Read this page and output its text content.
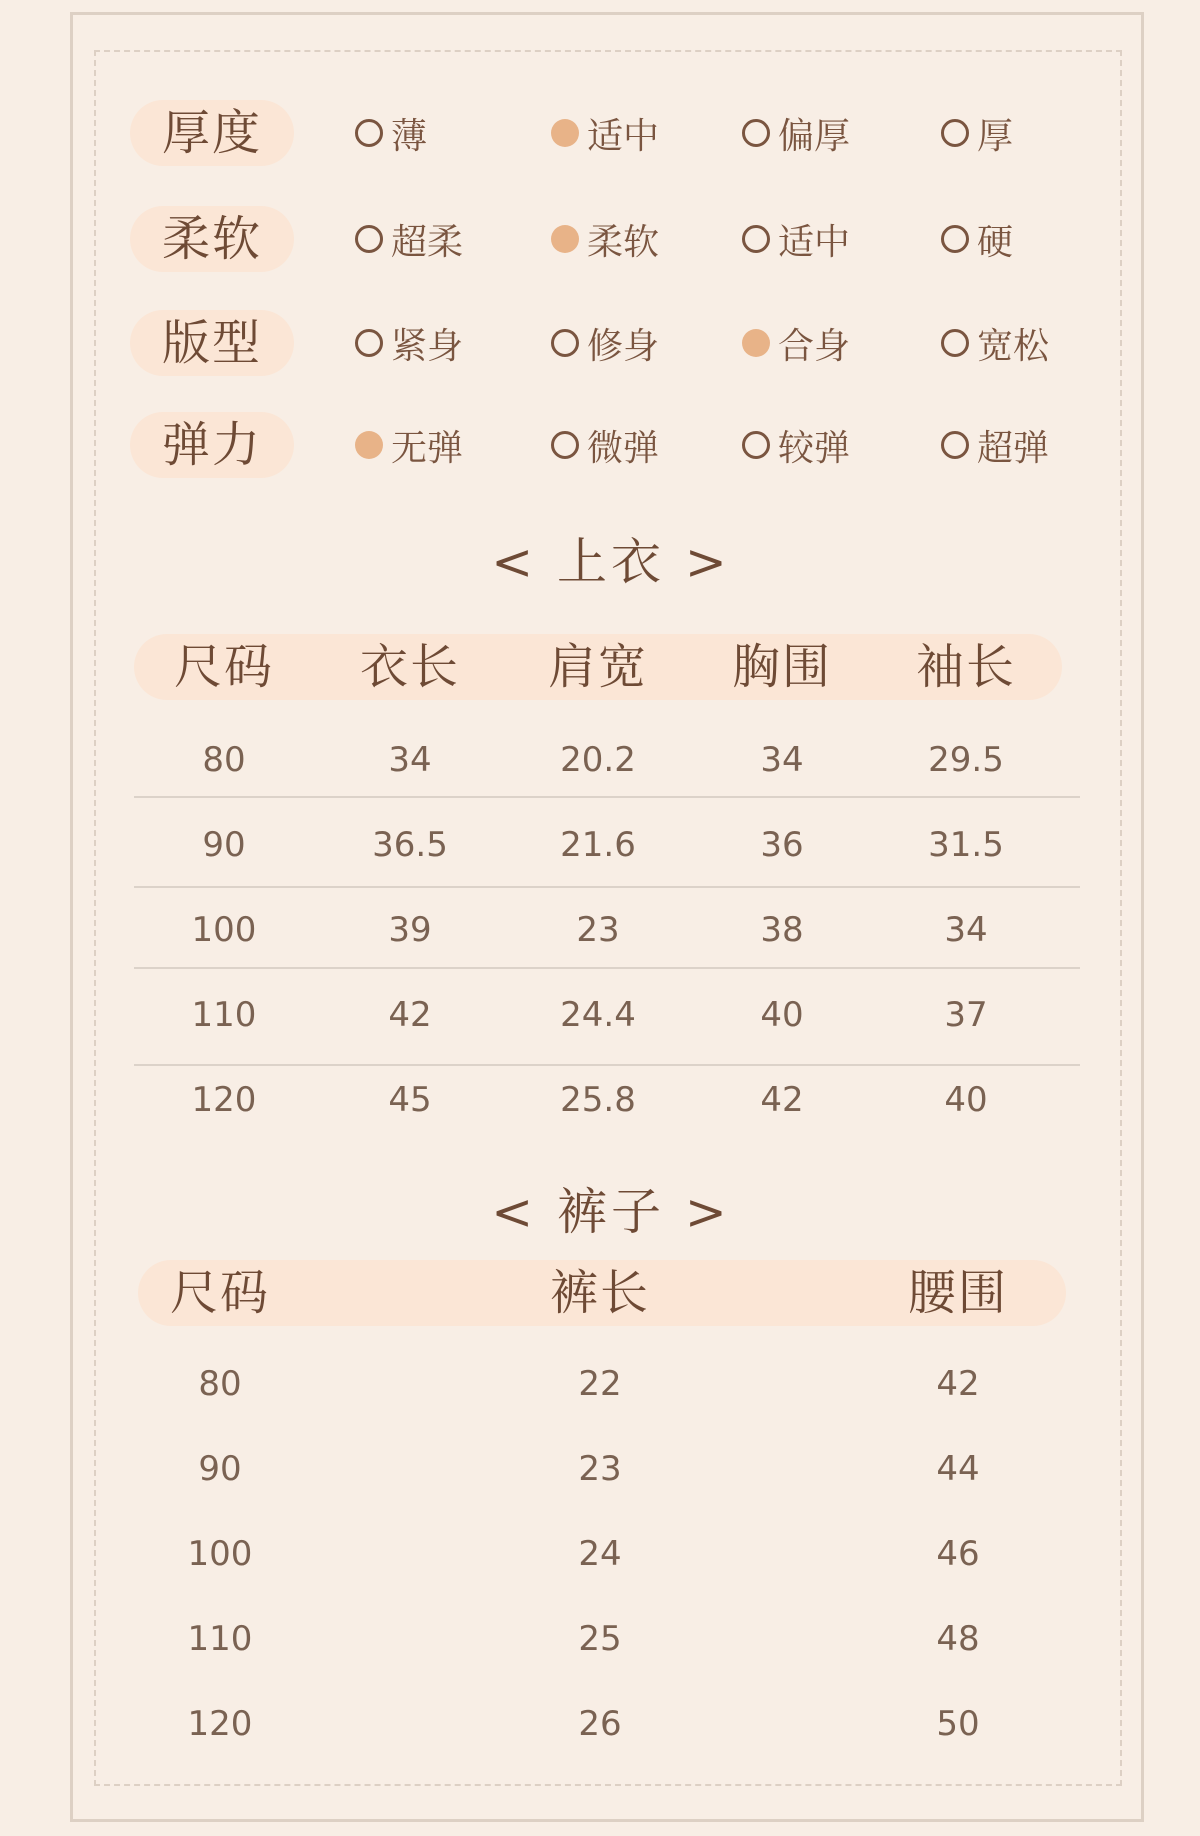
厚度	薄	适中	偏厚	厚
柔软	超柔	柔软	适中	硬
版型	紧身	修身	合身	宽松
弹力	无弹	微弹	较弹	超弹
< 上衣 >
尺码 衣长 肩宽 胸围 袖长
80	34	20.2	34	29.5
90	36.5	21.6	36	31.5
100	39	23	38	34
110	42	24.4	40	37
120	45	25.8	42	40
< 裤子 >
尺码	裤长	腰围
80	22	42
90	23	44
100	24	46
110	25	48
120	26	50
